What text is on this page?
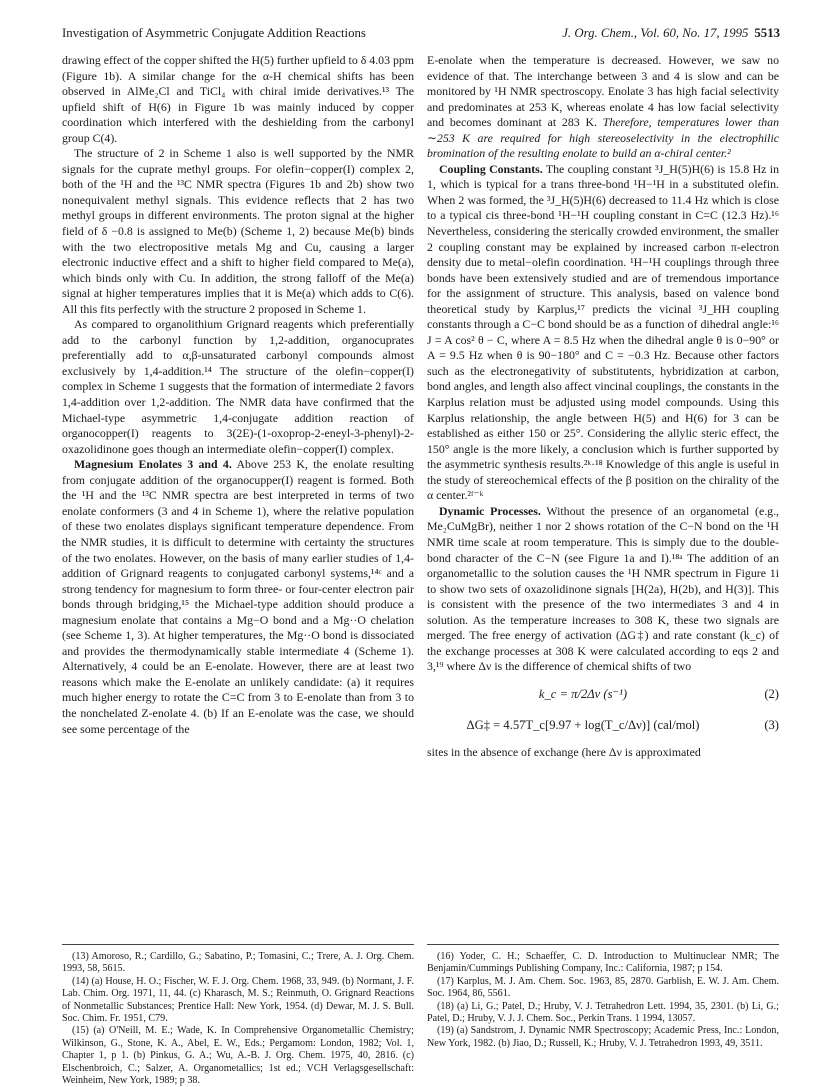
Investigation of Asymmetric Conjugate Addition Reactions	J. Org. Chem., Vol. 60, No. 17, 1995 5513

drawing effect of the copper shifted the H(5) further upfield to δ 4.03 ppm (Figure 1b). A similar change for the α-H chemical shifts has been observed in AlMe₂Cl and TiCl₄ with chiral imide derivatives.¹³ The upfield shift of H(6) in Figure 1b was mainly induced by copper coordination which interfered with the deshielding from the carbonyl group C(4).

The structure of 2 in Scheme 1 also is well supported by the NMR signals for the cuprate methyl groups. For olefin−copper(I) complex 2, both of the ¹H and the ¹³C NMR spectra (Figures 1b and 2b) show two nonequivalent methyl signals. This evidence reflects that 2 has two methyl groups in different environments. The proton signal at the higher field of δ −0.8 is assigned to Me(b) (Scheme 1, 2) because Me(b) binds with the two electropositive metals Mg and Cu, causing a larger electronic inductive effect and a shift to higher field compared to Me(a), which binds only with Cu. In addition, the strong falloff of the Me(a) signal at higher temperatures implies that it is Me(a) which adds to C(6). All this fits perfectly with the structure 2 proposed in Scheme 1.

As compared to organolithium Grignard reagents which preferentially add to the carbonyl function by 1,2-addition, organocuprates preferentially add to α,β-unsaturated carbonyl compounds almost exclusively by 1,4-addition.¹⁴ The structure of the olefin−copper(I) complex in Scheme 1 suggests that the formation of intermediate 2 favors 1,4-addition over 1,2-addition. The NMR data have confirmed that the Michael-type asymmetric 1,4-conjugate addition reaction of organocopper(I) reagents to 3(2E)-(1-oxoprop-2-eneyl-3-phenyl)-2-oxazolidinone goes though an intermediate olefin−copper(I) complex.

Magnesium Enolates 3 and 4. Above 253 K, the enolate resulting from conjugate addition of the organocupper(I) reagent is formed. Both the ¹H and the ¹³C NMR spectra are best interpreted in terms of two enolate conformers (3 and 4 in Scheme 1), where the relative population of these two enolates displays significant temperature dependence. From the NMR studies, it is difficult to determine with certainty the structures of the two enolates. However, on the basis of many earlier studies of 1,4-addition of Grignard reagents to conjugated carbonyl systems,¹⁴ᶜ and a strong tendency for magnesium to form three- or four-center electron pair bonds through bridging,¹⁵ the Michael-type addition should produce a magnesium enolate that contains a Mg−O bond and a Mg··O chelation (see Scheme 1, 3). At higher temperatures, the Mg··O bond is dissociated and provides the thermodynamically stable intermediate 4 (Scheme 1). Alternatively, 4 could be an E-enolate. However, there are at least two reasons which make the E-enolate an unlikely candidate: (a) it requires much higher energy to rotate the C=C from 3 to E-enolate than from 3 to the nonchelated Z-enolate 4. (b) If an E-enolate was the case, we should see some percentage of the

E-enolate when the temperature is decreased. However, we saw no evidence of that. The interchange between 3 and 4 is slow and can be monitored by ¹H NMR spectroscopy. Enolate 3 has high facial selectivity and predominates at 253 K, whereas enolate 4 has low facial selectivity and becomes dominant at 283 K. Therefore, temperatures lower than ∼253 K are required for high stereoselectivity in the electrophilic bromination of the resulting enolate to build an α-chiral center.²

Coupling Constants. The coupling constant ³J_H(5)H(6) is 15.8 Hz in 1, which is typical for a trans three-bond ¹H−¹H in a substituted olefin. When 2 was formed, the ³J_H(5)H(6) decreased to 11.4 Hz which is close to a typical cis three-bond ¹H−¹H coupling constant in C=C (12.3 Hz).¹⁶ Nevertheless, considering the sterically crowded environment, the smaller 2 coupling constant may be explained by increased carbon π-electron density due to metal−olefin coordination. ¹H−¹H couplings through three bonds have been extensively studied and are of tremendous importance for the assignment of structure. This analysis, based on valence bond theoretical study by Karplus,¹⁷ predicts the vicinal ³J_HH coupling constants through a C−C bond should be as a function of dihedral angle:¹⁶ J = A cos² θ − C, where A = 8.5 Hz when the dihedral angle θ is 0−90° or A = 9.5 Hz when θ is 90−180° and C = −0.3 Hz. Because other factors such as the electronegativity of substitutents, hybridization at carbon, bond angles, and length also affect vincinal couplings, the constants in the Karplus relation must be adjusted using model compounds. Using this Karplus relationship, the angle between H(5) and H(6) for 3 can be established as either 150 or 25°. Considering the allylic steric effect, the 150° angle is the more likely, a conclusion which is further supported by the asymmetric synthesis results.²ᵏ·¹⁸ Knowledge of this angle is useful in the study of stereochemical effects of the β position on the chirality of the α center.²ᶠ⁻ᵏ

Dynamic Processes. Without the presence of an organometal (e.g., Me₂CuMgBr), neither 1 nor 2 shows rotation of the C−N bond on the ¹H NMR time scale at room temperature. This is simply due to the double-bond character of the C−N (see Figure 1a and I).¹⁸ᵃ The addition of an organometallic to the solution causes the ¹H NMR spectrum in Figure 1i to show two sets of oxazolidinone signals [H(2a), H(2b), and H(3)]. This is consistent with the presence of the two intermediates 3 and 4 in solution. As the temperature increases to 308 K, these two signals are merged. The free energy of activation (ΔG‡) and rate constant (k_c) of the exchange processes at 308 K were calculated according to eqs 2 and 3,¹⁹ where Δν is the difference of chemical shifts of two

k_c = π/2Δν (s⁻¹)	(2)
ΔG‡ = 4.57T_c[9.97 + log(T_c/Δν)] (cal/mol)	(3)

sites in the absence of exchange (here Δν is approximated

(13) Amoroso, R.; Cardillo, G.; Sabatino, P.; Tomasini, C.; Trere, A. J. Org. Chem. 1993, 58, 5615.

(14) (a) House, H. O.; Fischer, W. F. J. Org. Chem. 1968, 33, 949. (b) Normant, J. F. Lab. Chim. Org. 1971, 11, 44. (c) Kharasch, M. S.; Reinmuth, O. Grignard Reactions of Nonmetallic Substances; Prentice Hall: New York, 1954. (d) Dewar, M. J. S. Bull. Soc. Chim. Fr. 1951, C79.

(15) (a) O'Neill, M. E.; Wade, K. In Comprehensive Organometallic Chemistry; Wilkinson, G., Stone, K. A., Abel, E. W., Eds.; Pergamom: London, 1982; Vol. 1, Chapter 1, p 1. (b) Pinkus, G. A.; Wu, A.-B. J. Org. Chem. 1975, 40, 2816. (c) Elschenbroich, C.; Salzer, A. Organometallics; 1st ed.; VCH Verlagsgesellschaft: Weinheim, New York, 1989; p 38.

(16) Yoder, C. H.; Schaeffer, C. D. Introduction to Multinuclear NMR; The Benjamin/Cummings Publishing Company, Inc.: California, 1987; p 154.

(17) Karplus, M. J. Am. Chem. Soc. 1963, 85, 2870. Garblish, E. W. J. Am. Chem. Soc. 1964, 86, 5561.

(18) (a) Li, G.; Patel, D.; Hruby, V. J. Tetrahedron Lett. 1994, 35, 2301. (b) Li, G.; Patel, D.; Hruby, V. J. J. Chem. Soc., Perkin Trans. 1 1994, 13057.

(19) (a) Sandstrom, J. Dynamic NMR Spectroscopy; Academic Press, Inc.: London, New York, 1982. (b) Jiao, D.; Russell, K.; Hruby, V. J. Tetrahedron 1993, 49, 3511.
